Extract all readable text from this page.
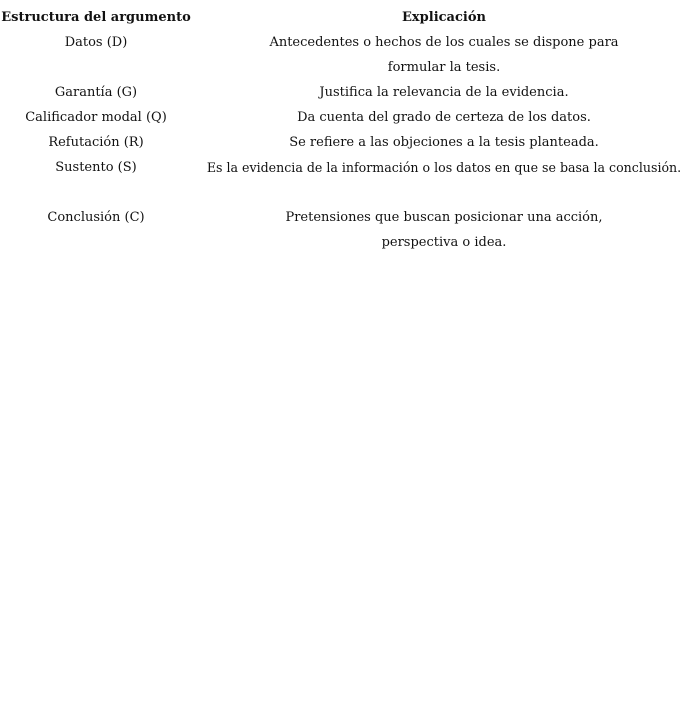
Estructura del argumento	Explicación

Datos (D)	Antecedentes o hechos de los cuales se dispone para
formular la tesis.

Garantía (G)	Justifica la relevancia de la evidencia.

Calificador modal (Q)	Da cuenta del grado de certeza de los datos.

Refutación (R)	Se refiere a las objeciones a la tesis planteada.

Sustento (S)	Es la evidencia de la información o los datos en que se basa la conclusión.

Conclusión (C)	Pretensiones que buscan posicionar una acción,
perspectiva o idea.
